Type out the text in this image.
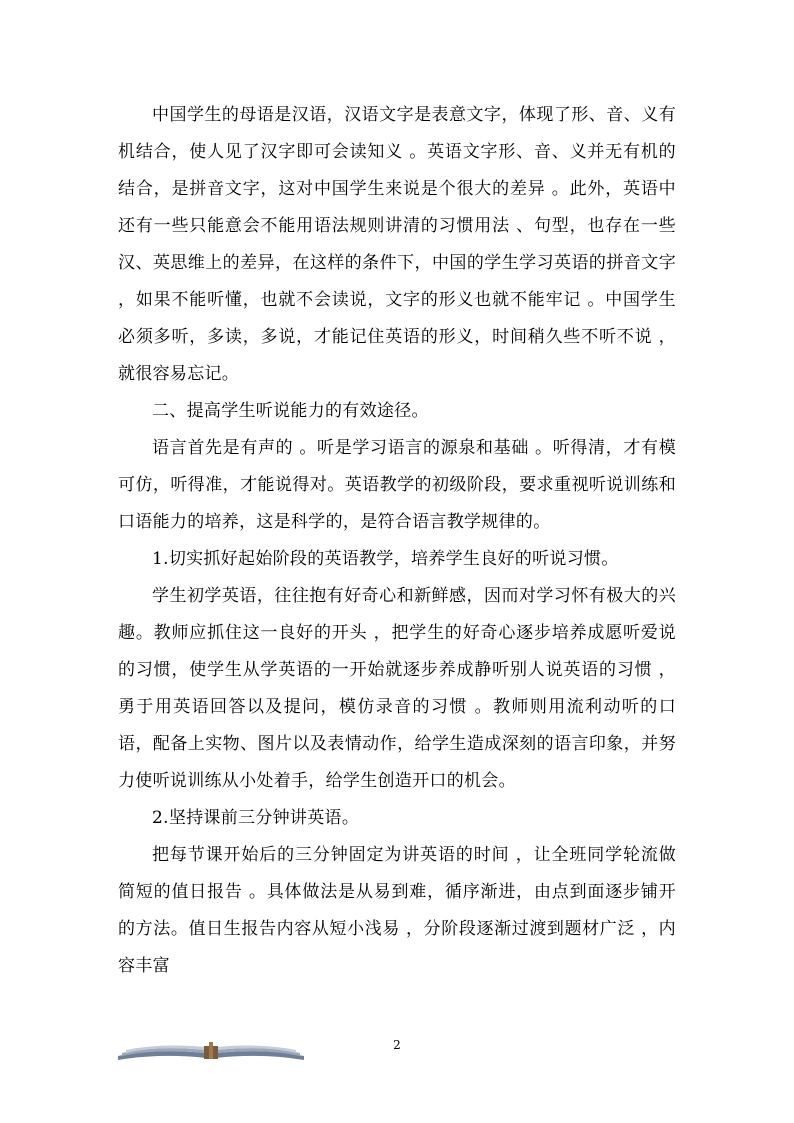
中国学生的母语是汉语，汉语文字是表意文字，体现了形、音、义有机结合，使人见了汉字即可会读知义 。英语文字形、音、义并无有机的结合，是拼音文字，这对中国学生来说是个很大的差异 。此外，英语中还有一些只能意会不能用语法规则讲清的习惯用法 、句型，也存在一些汉、英思维上的差异，在这样的条件下，中国的学生学习英语的拼音文字 ，如果不能听懂，也就不会读说，文字的形义也就不能牢记 。中国学生必须多听，多读，多说，才能记住英语的形义，时间稍久些不听不说 ，就很容易忘记。

二、提高学生听说能力的有效途径。

语言首先是有声的 。听是学习语言的源泉和基础 。听得清，才有模可仿，听得准，才能说得对。英语教学的初级阶段，要求重视听说训练和口语能力的培养，这是科学的，是符合语言教学规律的。

1.切实抓好起始阶段的英语教学，培养学生良好的听说习惯。

学生初学英语，往往抱有好奇心和新鲜感，因而对学习怀有极大的兴趣。教师应抓住这一良好的开头 ，把学生的好奇心逐步培养成愿听爱说的习惯，使学生从学英语的一开始就逐步养成静听别人说英语的习惯 ，勇于用英语回答以及提问，模仿录音的习惯 。教师则用流利动听的口语，配备上实物、图片以及表情动作，给学生造成深刻的语言印象，并努力使听说训练从小处着手，给学生创造开口的机会。

2.坚持课前三分钟讲英语。

把每节课开始后的三分钟固定为讲英语的时间 ，让全班同学轮流做简短的值日报告 。具体做法是从易到难，循序渐进，由点到面逐步铺开的方法。值日生报告内容从短小浅易 ，分阶段逐渐过渡到题材广泛 ，内容丰富

2
